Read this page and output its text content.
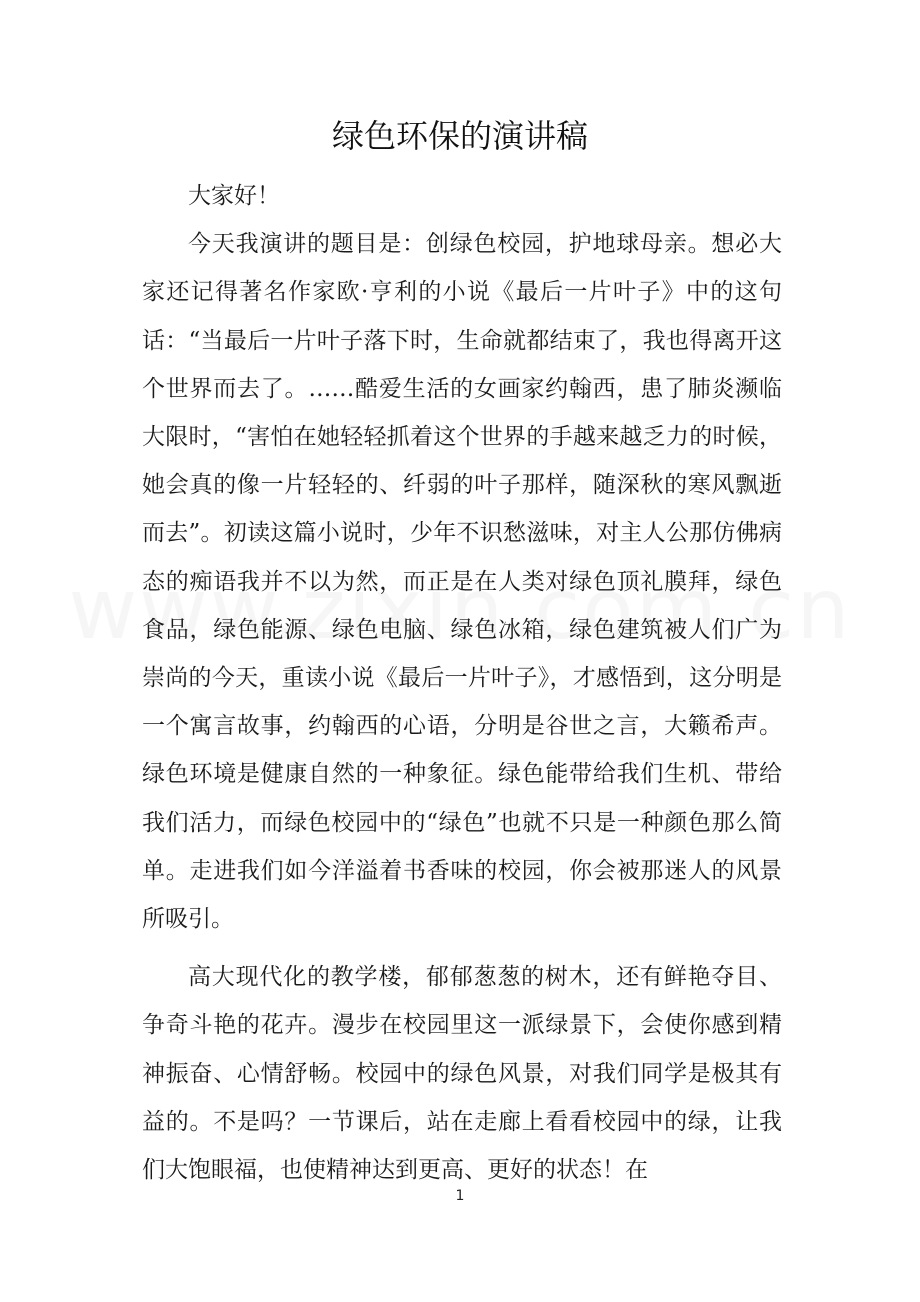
绿色环保的演讲稿

大家好！

今天我演讲的题目是：创绿色校园，护地球母亲。想必大家还记得著名作家欧·亨利的小说《最后一片叶子》中的这句话：“当最后一片叶子落下时，生命就都结束了，我也得离开这个世界而去了。……酷爱生活的女画家约翰西，患了肺炎濒临大限时，“害怕在她轻轻抓着这个世界的手越来越乏力的时候，她会真的像一片轻轻的、纤弱的叶子那样，随深秋的寒风飘逝而去”。初读这篇小说时，少年不识愁滋味，对主人公那仿佛病态的痴语我并不以为然，而正是在人类对绿色顶礼膜拜，绿色食品，绿色能源、绿色电脑、绿色冰箱，绿色建筑被人们广为崇尚的今天，重读小说《最后一片叶子》，才感悟到，这分明是一个寓言故事，约翰西的心语，分明是谷世之言，大籁希声。绿色环境是健康自然的一种象征。绿色能带给我们生机、带给我们活力，而绿色校园中的“绿色”也就不只是一种颜色那么简单。走进我们如今洋溢着书香味的校园，你会被那迷人的风景所吸引。

高大现代化的教学楼，郁郁葱葱的树木，还有鲜艳夺目、争奇斗艳的花卉。漫步在校园里这一派绿景下，会使你感到精神振奋、心情舒畅。校园中的绿色风景，对我们同学是极其有益的。不是吗？一节课后，站在走廊上看看校园中的绿，让我们大饱眼福，也使精神达到更高、更好的状态！在

1
